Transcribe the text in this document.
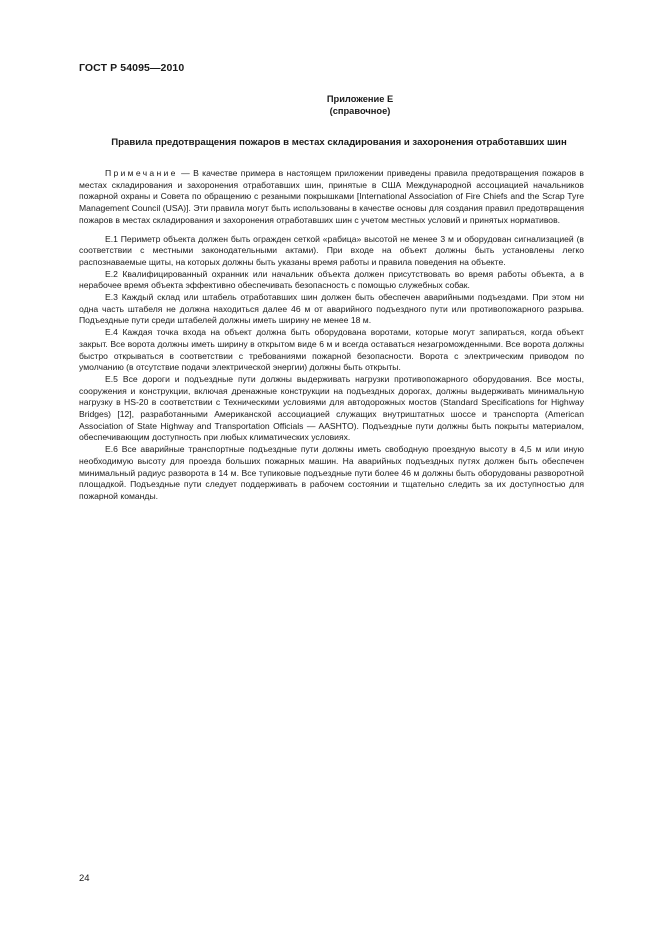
ГОСТ Р 54095—2010
Приложение Е
(справочное)
Правила предотвращения пожаров в местах складирования и захоронения отработавших шин

Примечание — В качестве примера в настоящем приложении приведены правила предотвращения пожаров в местах складирования и захоронения отработавших шин, принятые в США Международной ассоциацией начальников пожарной охраны и Совета по обращению с резаными покрышками [International Association of Fire Chiefs and the Scrap Tyre Management Council (USA)]. Эти правила могут быть использованы в качестве основы для создания правил предотвращения пожаров в местах складирования и захоронения отработавших шин с учетом местных условий и принятых нормативов.

Е.1 Периметр объекта должен быть огражден сеткой «рабица» высотой не менее 3 м и оборудован сигнализацией (в соответствии с местными законодательными актами). При входе на объект должны быть установлены легко распознаваемые щиты, на которых должны быть указаны время работы и правила поведения на объекте.

Е.2 Квалифицированный охранник или начальник объекта должен присутствовать во время работы объекта, а в нерабочее время объекта эффективно обеспечивать безопасность с помощью служебных собак.

Е.3 Каждый склад или штабель отработавших шин должен быть обеспечен аварийными подъездами. При этом ни одна часть штабеля не должна находиться далее 46 м от аварийного подъездного пути или противопожарного разрыва. Подъездные пути среди штабелей должны иметь ширину не менее 18 м.

Е.4 Каждая точка входа на объект должна быть оборудована воротами, которые могут запираться, когда объект закрыт. Все ворота должны иметь ширину в открытом виде 6 м и всегда оставаться незагроможденными. Все ворота должны быстро открываться в соответствии с требованиями пожарной безопасности. Ворота с электрическим приводом по умолчанию (в отсутствие подачи электрической энергии) должны быть открыты.

Е.5 Все дороги и подъездные пути должны выдерживать нагрузки противопожарного оборудования. Все мосты, сооружения и конструкции, включая дренажные конструкции на подъездных дорогах, должны выдерживать минимальную нагрузку в HS-20 в соответствии с Техническими условиями для автодорожных мостов (Standard Specifications for Highway Bridges) [12], разработанными Американской ассоциацией служащих внутриштатных шоссе и транспорта (American Association of State Highway and Transportation Officials — AASHTO). Подъездные пути должны быть покрыты материалом, обеспечивающим доступность при любых климатических условиях.

Е.6 Все аварийные транспортные подъездные пути должны иметь свободную проездную высоту в 4,5 м или иную необходимую высоту для проезда больших пожарных машин. На аварийных подъездных путях должен быть обеспечен минимальный радиус разворота в 14 м. Все тупиковые подъездные пути более 46 м должны быть оборудованы разворотной площадкой. Подъездные пути следует поддерживать в рабочем состоянии и тщательно следить за их доступностью для пожарной команды.

24
